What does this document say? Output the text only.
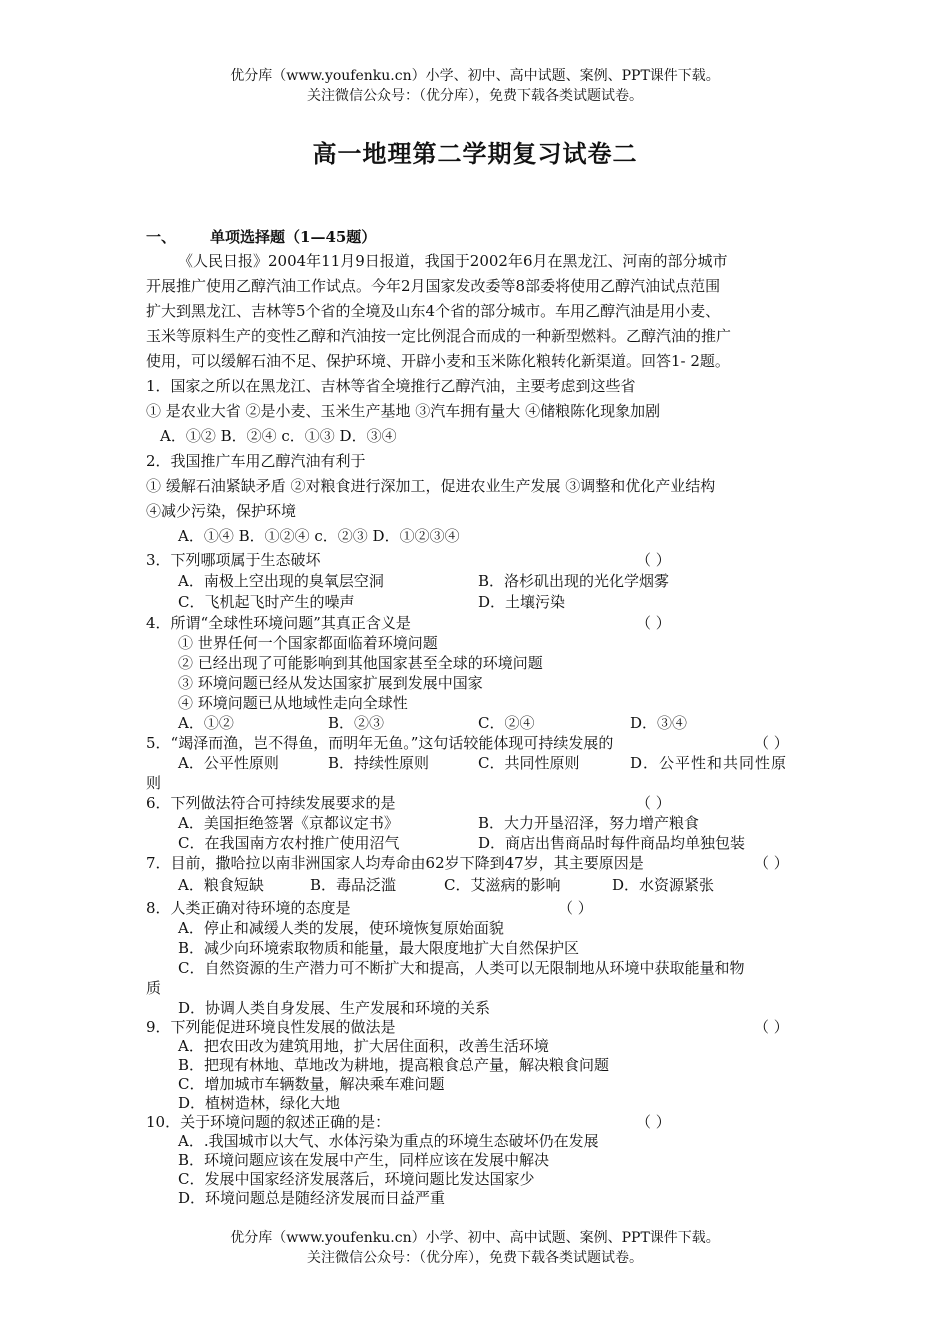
优分库（www.youfenku.cn）小学、初中、高中试题、案例、PPT课件下载。
关注微信公众号：（优分库），免费下载各类试题试卷。
高一地理第二学期复习试卷二
一、 单项选择题（1—45题）
《人民日报》2004年11月9日报道，我国于2002年6月在黑龙江、河南的部分城市
开展推广使用乙醇汽油工作试点。今年2月国家发改委等8部委将使用乙醇汽油试点范围
扩大到黑龙江、吉林等5个省的全境及山东4个省的部分城市。车用乙醇汽油是用小麦、
玉米等原料生产的变性乙醇和汽油按一定比例混合而成的一种新型燃料。乙醇汽油的推广
使用，可以缓解石油不足、保护环境、开辟小麦和玉米陈化粮转化新渠道。回答1- 2题。
1．国家之所以在黑龙江、吉林等省全境推行乙醇汽油，主要考虑到这些省
① 是农业大省 ②是小麦、玉米生产基地 ③汽车拥有量大 ④储粮陈化现象加剧
A．①② B．②④ c．①③ D．③④
2．我国推广车用乙醇汽油有利于
① 缓解石油紧缺矛盾 ②对粮食进行深加工，促进农业生产发展 ③调整和优化产业结构
④减少污染，保护环境
A．①④ B．①②④ c．②③ D．①②③④
3．下列哪项属于生态破坏	（ ）
A．南极上空出现的臭氧层空洞	B．洛杉矶出现的光化学烟雾
C．飞机起飞时产生的噪声	D．土壤污染
4．所谓“全球性环境问题”其真正含义是	（ ）
① 世界任何一个国家都面临着环境问题
② 已经出现了可能影响到其他国家甚至全球的环境问题
③ 环境问题已经从发达国家扩展到发展中国家
④ 环境问题已从地域性走向全球性
A．①②	B．②③	C．②④	D．③④
5．“竭泽而渔，岂不得鱼，而明年无鱼。”这句话较能体现可持续发展的	（ ）
A．公平性原则	B．持续性原则	C．共同性原则	D．公平性和共同性原
则
6．下列做法符合可持续发展要求的是	（ ）
A．美国拒绝签署《京都议定书》	B．大力开垦沼泽，努力增产粮食
C．在我国南方农村推广使用沼气	D．商店出售商品时每件商品均单独包装
7．目前，撒哈拉以南非洲国家人均寿命由62岁下降到47岁，其主要原因是	（ ）
A．粮食短缺	B．毒品泛滥	C．艾滋病的影响	D．水资源紧张
8．人类正确对待环境的态度是	（ ）
A．停止和减缓人类的发展，使环境恢复原始面貌
B．减少向环境索取物质和能量，最大限度地扩大自然保护区
C．自然资源的生产潜力可不断扩大和提高，人类可以无限制地从环境中获取能量和物
质
D．协调人类自身发展、生产发展和环境的关系
9．下列能促进环境良性发展的做法是	（ ）
A．把农田改为建筑用地，扩大居住面积，改善生活环境
B．把现有林地、草地改为耕地，提高粮食总产量，解决粮食问题
C．增加城市车辆数量，解决乘车难问题
D．植树造林，绿化大地
10．关于环境问题的叙述正确的是：	（ ）
A．.我国城市以大气、水体污染为重点的环境生态破坏仍在发展
B．环境问题应该在发展中产生，同样应该在发展中解决
C．发展中国家经济发展落后，环境问题比发达国家少
D．环境问题总是随经济发展而日益严重
优分库（www.youfenku.cn）小学、初中、高中试题、案例、PPT课件下载。
关注微信公众号：（优分库），免费下载各类试题试卷。
